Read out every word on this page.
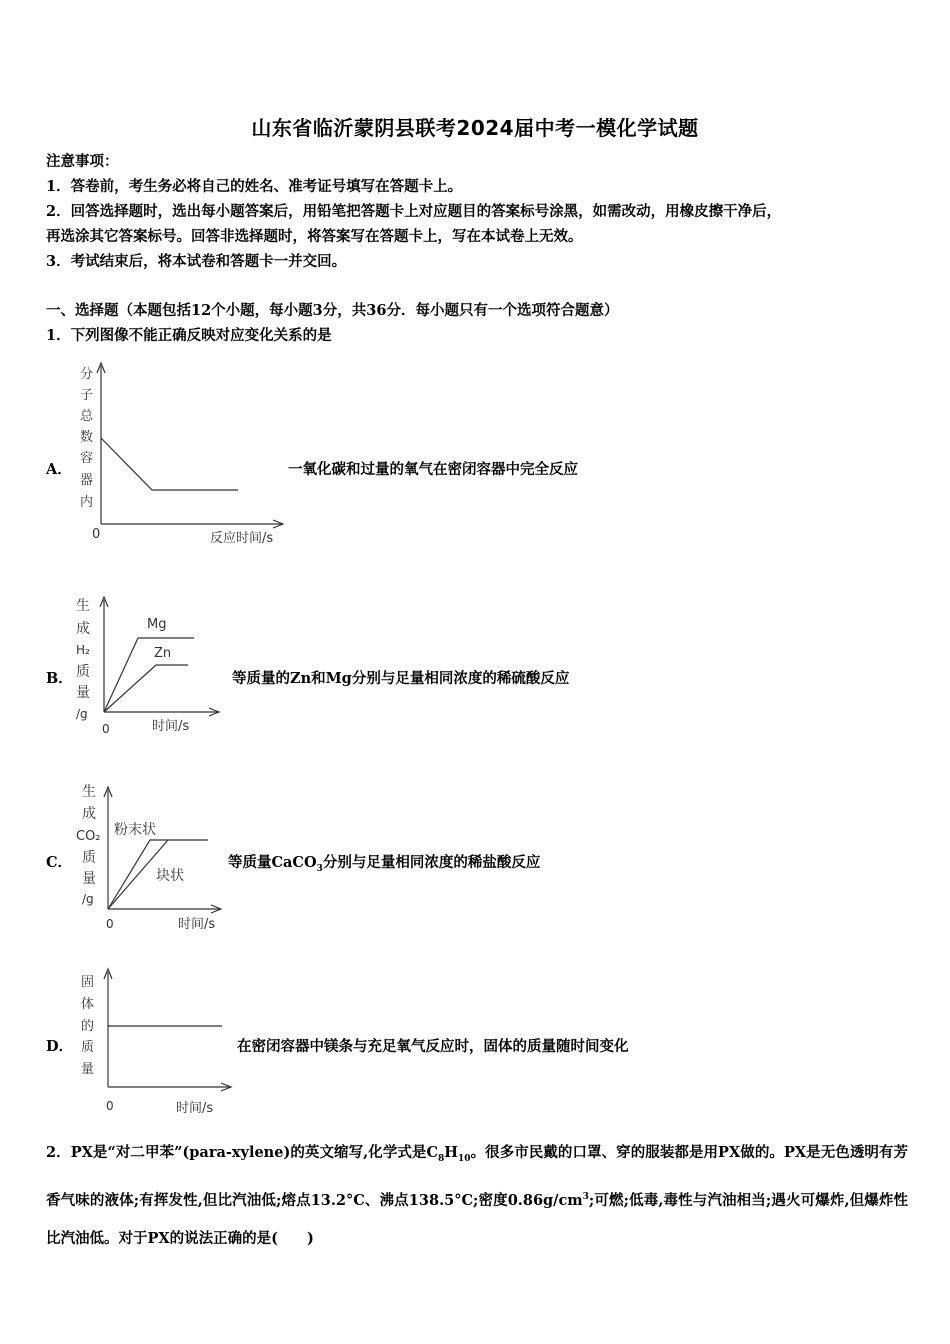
山东省临沂蒙阴县联考2024届中考一模化学试题
注意事项：
1．答卷前，考生务必将自己的姓名、准考证号填写在答题卡上。
2．回答选择题时，选出每小题答案后，用铅笔把答题卡上对应题目的答案标号涂黑，如需改动，用橡皮擦干净后，
再选涂其它答案标号。回答非选择题时，将答案写在答题卡上，写在本试卷上无效。
3．考试结束后，将本试卷和答题卡一并交回。
一、选择题（本题包括12个小题，每小题3分，共36分．每小题只有一个选项符合题意）
1．下列图像不能正确反映对应变化关系的是
A．
分
子
总
数
容
器
内
0	反应时间/s
一氧化碳和过量的氧气在密闭容器中完全反应
B．
生
成
H₂
质
量
/g
0	时间/s
Mg
Zn
等质量的Zn和Mg分别与足量相同浓度的稀硫酸反应
C．
生
成
CO₂
质
量
/g
0	时间/s
粉末状
块状
等质量CaCO$_3$分别与足量相同浓度的稀盐酸反应
D．
固
体
的
质
量
0	时间/s
在密闭容器中镁条与充足氧气反应时，固体的质量随时间变化
2．PX是“对二甲苯”(para-xylene)的英文缩写,化学式是$C_8H_{10}$。很多市民戴的口罩、穿的服装都是用PX做的。PX是无色透明有芳香气味的液体;有挥发性,但比汽油低;熔点13.2°C、沸点138.5°C;密度$0.86g/cm^3$;可燃;低毒,毒性与汽油相当;遇火可爆炸,但爆炸性比汽油低。对于PX的说法正确的是(　　)
